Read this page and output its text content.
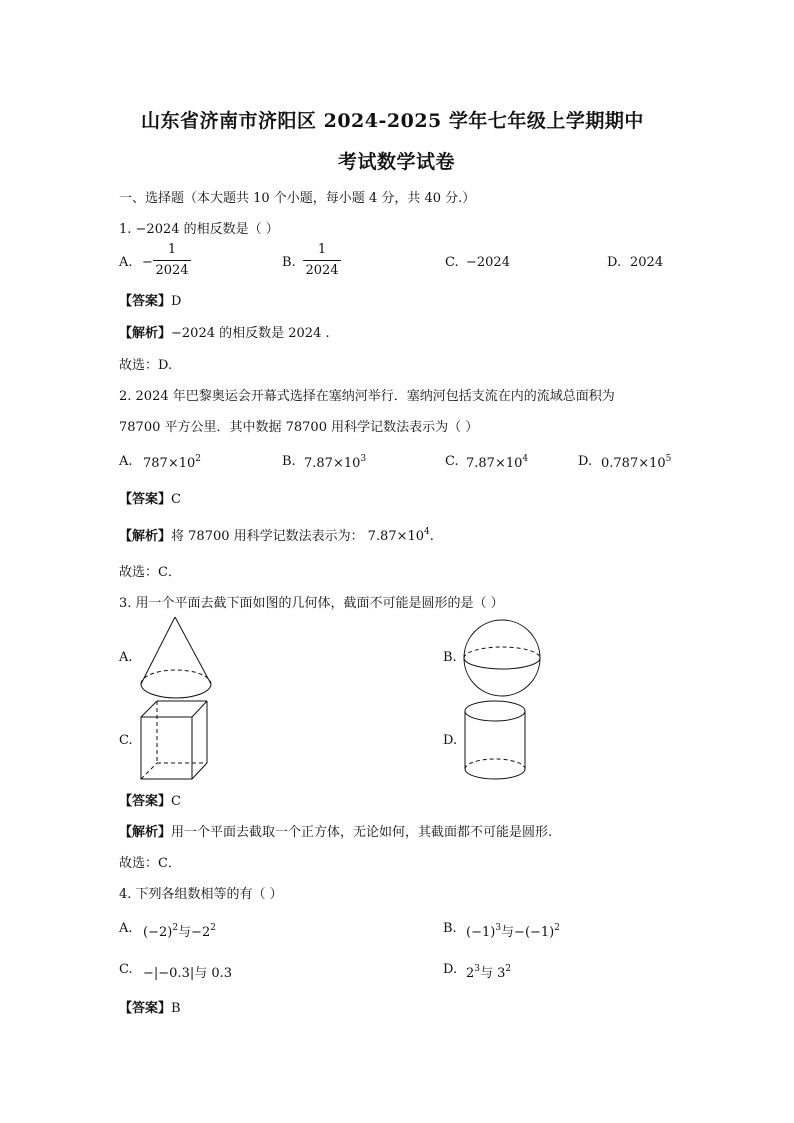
山东省济南市济阳区 2024-2025 学年七年级上学期期中
考试数学试卷
一、选择题（本大题共 10 个小题，每小题 4 分，共 40 分.）
1. −2024 的相反数是（ ）
A. −
1
2024
B.
1
2024
C. −2024	D. 2024
【答案】D
【解析】−2024 的相反数是 2024 .
故选：D.
2. 2024 年巴黎奥运会开幕式选择在塞纳河举行．塞纳河包括支流在内的流域总面积为
78700 平方公里．其中数据 78700 用科学记数法表示为（ ）
A. $787\times 10^2$	B. $7.87\times 10^3$	C. $7.87\times 10^4$	D. $0.787\times 10^5$
【答案】C
【解析】将 78700 用科学记数法表示为： $7.87\times 10^4$.
故选：C．
3. 用一个平面去截下面如图的几何体，截面不可能是圆形的是（ ）
A.	B.
C.	D.
【答案】C
【解析】用一个平面去截取一个正方体，无论如何，其截面都不可能是圆形.
故选：C．
4. 下列各组数相等的有（ ）
A. $(-2)^2$与$-2^2$	B. $(-1)^3$与$-(-1)^2$
C. −|−0.3|与 0.3	D. $2^3$与 $3^2$
【答案】B
